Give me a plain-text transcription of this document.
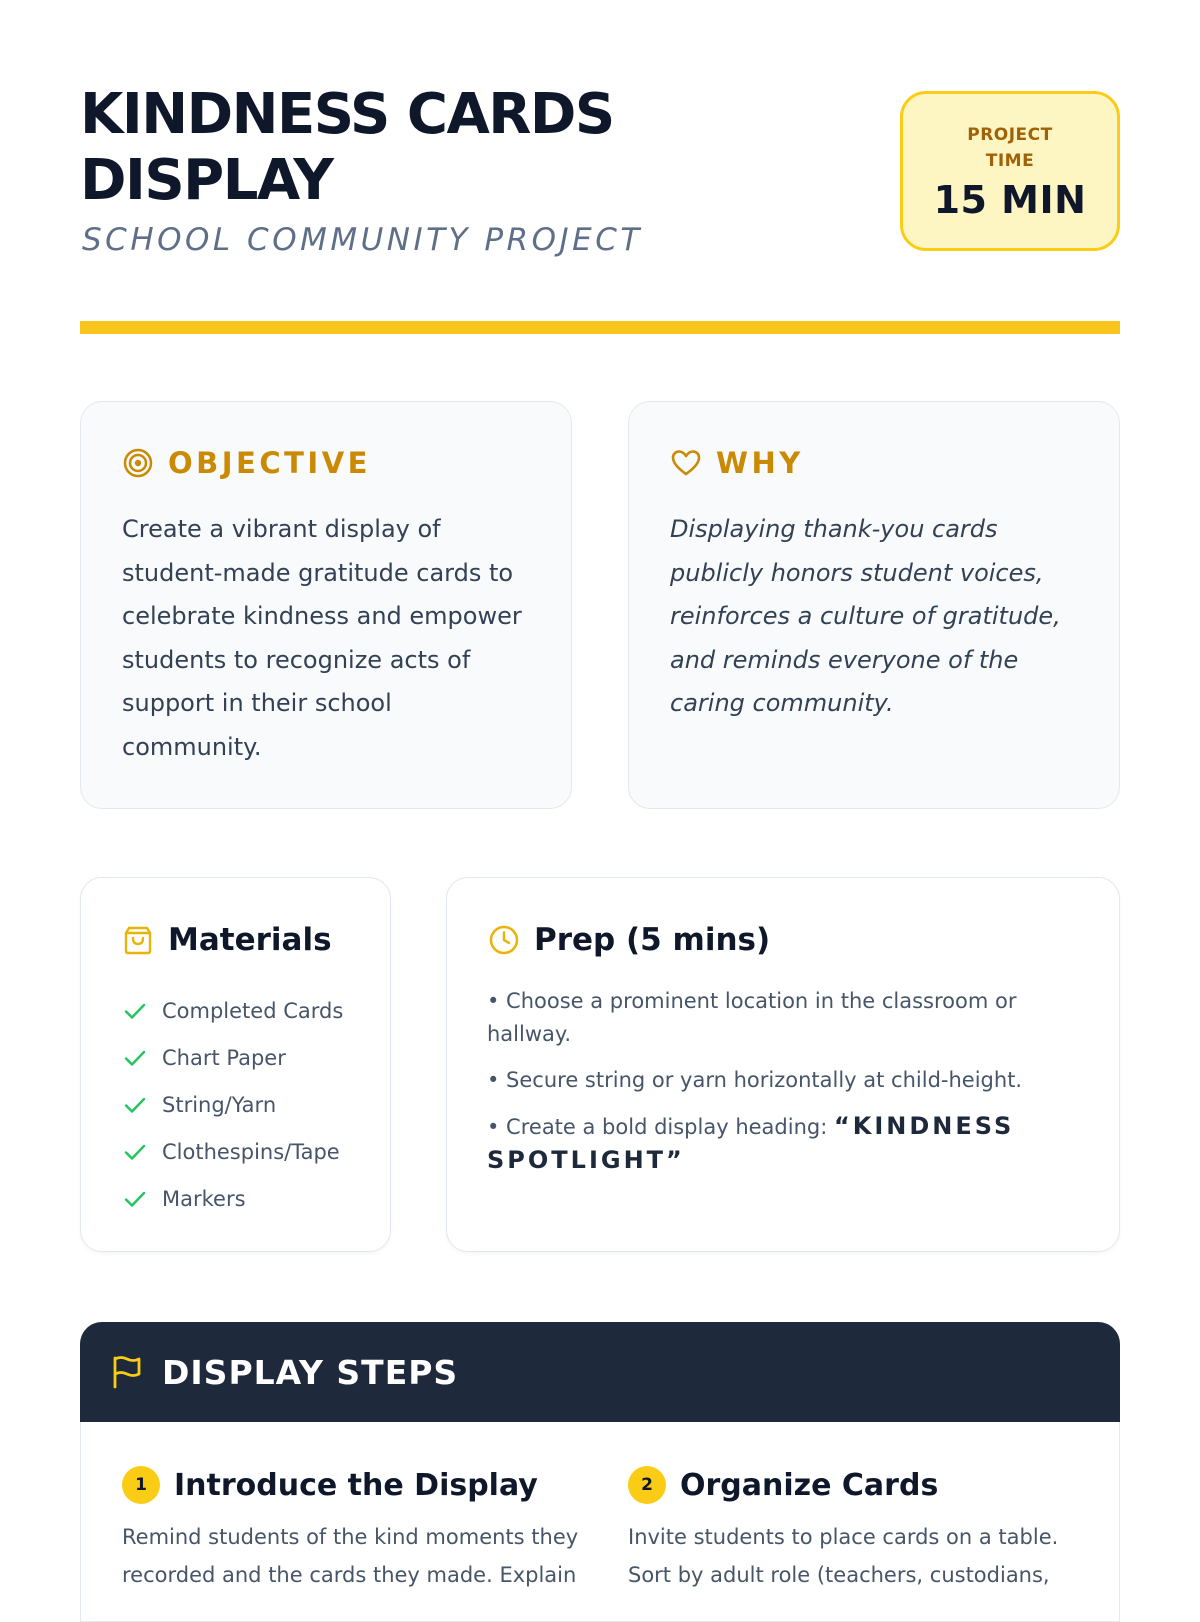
KINDNESS CARDS DISPLAY
SCHOOL COMMUNITY PROJECT
PROJECT TIME
15 MIN
OBJECTIVE

Create a vibrant display of student-made gratitude cards to celebrate kindness and empower students to recognize acts of support in their school community.

WHY

Displaying thank-you cards publicly honors student voices, reinforces a culture of gratitude, and reminds everyone of the caring community.

Materials
Completed Cards
Chart Paper
String/Yarn
Clothespins/Tape
Markers
Prep (5 mins)
• Choose a prominent location in the classroom or hallway.
• Secure string or yarn horizontally at child-height.
• Create a bold display heading: “KINDNESS SPOTLIGHT”
DISPLAY STEPS
1 Introduce the Display

Remind students of the kind moments they recorded and the cards they made. Explain

2 Organize Cards

Invite students to place cards on a table. Sort by adult role (teachers, custodians,
